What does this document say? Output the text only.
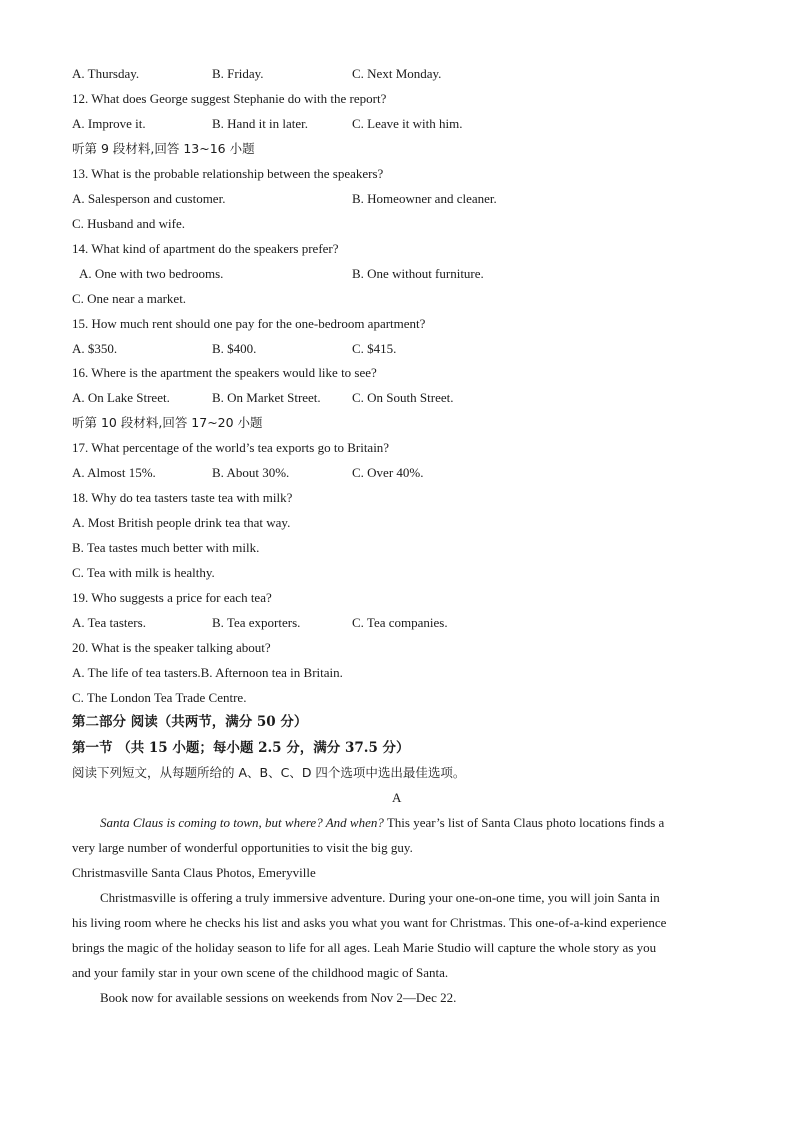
A. Thursday.	B. Friday.	C. Next Monday.
12. What does George suggest Stephanie do with the report?
A. Improve it.	B. Hand it in later.	C. Leave it with him.
听第 9 段材料,回答 13~16 小题
13. What is the probable relationship between the speakers?
A. Salesperson and customer.	B. Homeowner and cleaner.
C. Husband and wife.
14. What kind of apartment do the speakers prefer?
A. One with two bedrooms.	B. One without furniture.
C. One near a market.
15. How much rent should one pay for the one-bedroom apartment?
A. $350.	B. $400.	C. $415.
16. Where is the apartment the speakers would like to see?
A. On Lake Street.	B. On Market Street. C. On South Street.
听第 10 段材料,回答 17~20 小题
17. What percentage of the world’s tea exports go to Britain?
A. Almost 15%.	B. About 30%.	C. Over 40%.
18. Why do tea tasters taste tea with milk?
A. Most British people drink tea that way.
B. Tea tastes much better with milk.
C. Tea with milk is healthy.
19. Who suggests a price for each tea?
A. Tea tasters.	B. Tea exporters.	C. Tea companies.
20. What is the speaker talking about?
A. The life of tea tasters.B. Afternoon tea in Britain.
C. The London Tea Trade Centre.
第二部分 阅读（共两节，满分 50 分）
第一节 （共 15 小题；每小题 2.5 分，满分 37.5 分）
阅读下列短文，从每题所给的 A、B、C、D 四个选项中选出最佳选项。
A
Santa Claus is coming to town, but where? And when? This year’s list of Santa Claus photo locations finds a
very large number of wonderful opportunities to visit the big guy.
Christmasville Santa Claus Photos, Emeryville
Christmasville is offering a truly immersive adventure. During your one-on-one time, you will join Santa in
his living room where he checks his list and asks you what you want for Christmas. This one-of-a-kind experience
brings the magic of the holiday season to life for all ages. Leah Marie Studio will capture the whole story as you
and your family star in your own scene of the childhood magic of Santa.
Book now for available sessions on weekends from Nov 2—Dec 22.
